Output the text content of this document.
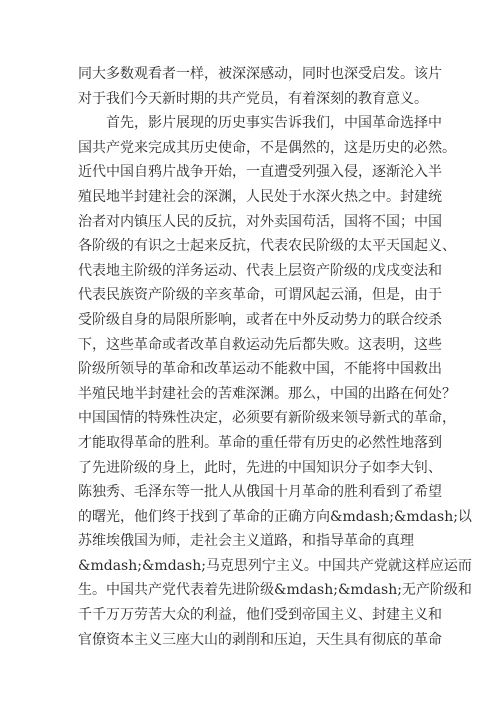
同大多数观看者一样，被深深感动，同时也深受启发。该片
对于我们今天新时期的共产党员，有着深刻的教育意义。
首先，影片展现的历史事实告诉我们，中国革命选择中
国共产党来完成其历史使命，不是偶然的，这是历史的必然。
近代中国自鸦片战争开始，一直遭受列强入侵，逐渐沦入半
殖民地半封建社会的深渊，人民处于水深火热之中。封建统
治者对内镇压人民的反抗，对外卖国苟活，国将不国；中国
各阶级的有识之士起来反抗，代表农民阶级的太平天国起义、
代表地主阶级的洋务运动、代表上层资产阶级的戊戌变法和
代表民族资产阶级的辛亥革命，可谓风起云涌，但是，由于
受阶级自身的局限所影响，或者在中外反动势力的联合绞杀
下，这些革命或者改革自救运动先后都失败。这表明，这些
阶级所领导的革命和改革运动不能救中国，不能将中国救出
半殖民地半封建社会的苦难深渊。那么，中国的出路在何处？
中国国情的特殊性决定，必须要有新阶级来领导新式的革命，
才能取得革命的胜利。革命的重任带有历史的必然性地落到
了先进阶级的身上，此时，先进的中国知识分子如李大钊、
陈独秀、毛泽东等一批人从俄国十月革命的胜利看到了希望
的曙光，他们终于找到了革命的正确方向&mdash;&mdash;以
苏维埃俄国为师，走社会主义道路，和指导革命的真理
&mdash;&mdash;马克思列宁主义。中国共产党就这样应运而
生。中国共产党代表着先进阶级&mdash;&mdash;无产阶级和
千千万万劳苦大众的利益，他们受到帝国主义、封建主义和
官僚资本主义三座大山的剥削和压迫，天生具有彻底的革命
